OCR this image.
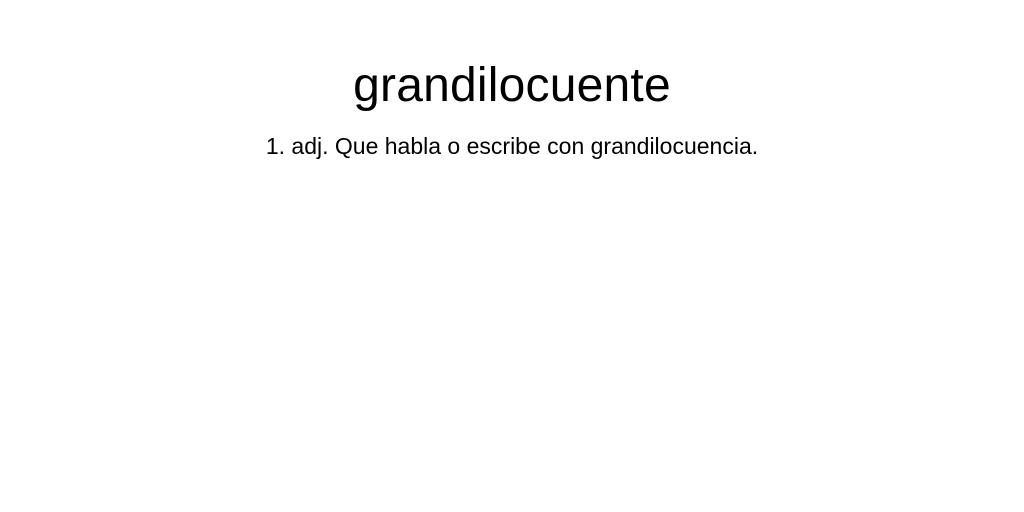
grandilocuente

1. adj. Que habla o escribe con grandilocuencia.
